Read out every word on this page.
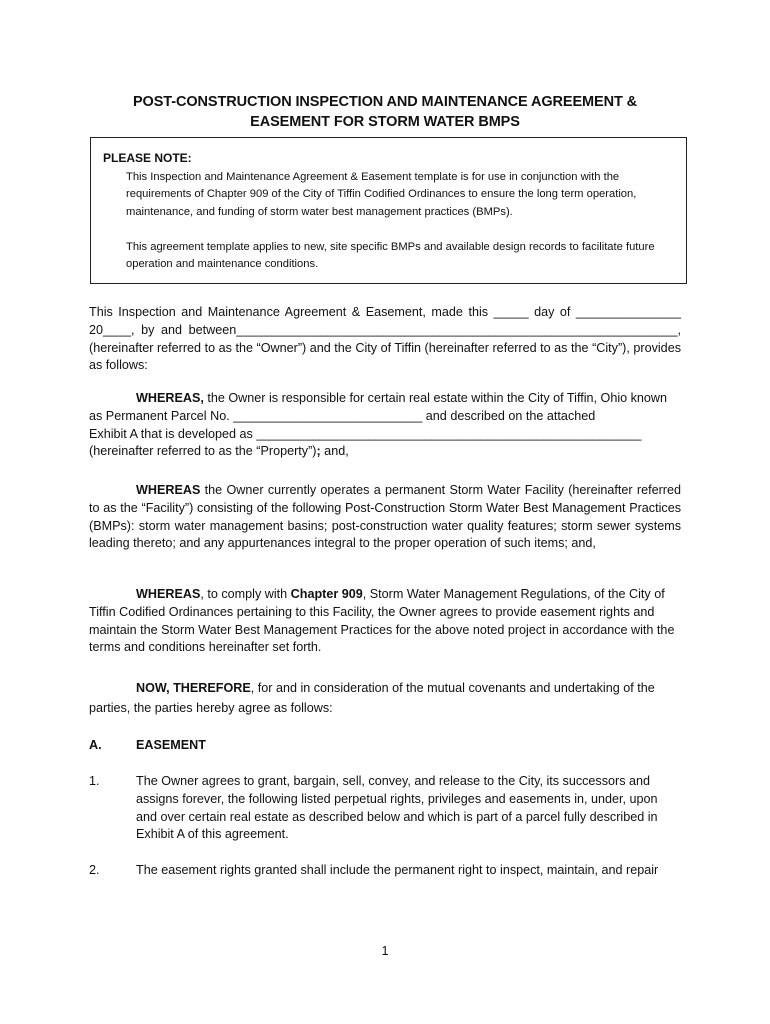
POST-CONSTRUCTION INSPECTION AND MAINTENANCE AGREEMENT &
EASEMENT FOR STORM WATER BMPS
PLEASE NOTE:
This Inspection and Maintenance Agreement & Easement template is for use in conjunction with the requirements of Chapter 909 of the City of Tiffin Codified Ordinances to ensure the long term operation, maintenance, and funding of storm water best management practices (BMPs).
This agreement template applies to new, site specific BMPs and available design records to facilitate future operation and maintenance conditions.
This Inspection and Maintenance Agreement & Easement, made this _____ day of _______________
20____, by and between_______________________________________________________________,
(hereinafter referred to as the “Owner”) and the City of Tiffin (hereinafter referred to as the “City”), provides as follows:
WHEREAS, the Owner is responsible for certain real estate within the City of Tiffin, Ohio known
as Permanent Parcel No. ___________________________ and described on the attached
Exhibit A that is developed as _______________________________________________________
(hereinafter referred to as the “Property”); and,
WHEREAS the Owner currently operates a permanent Storm Water Facility (hereinafter referred to as the “Facility”) consisting of the following Post-Construction Storm Water Best Management Practices (BMPs): storm water management basins; post-construction water quality features; storm sewer systems leading thereto; and any appurtenances integral to the proper operation of such items; and,
WHEREAS, to comply with Chapter 909, Storm Water Management Regulations, of the City of Tiffin Codified Ordinances pertaining to this Facility, the Owner agrees to provide easement rights and maintain the Storm Water Best Management Practices for the above noted project in accordance with the terms and conditions hereinafter set forth.
NOW, THEREFORE, for and in consideration of the mutual covenants and undertaking of the parties, the parties hereby agree as follows:
A.	EASEMENT
1.	The Owner agrees to grant, bargain, sell, convey, and release to the City, its successors and assigns forever, the following listed perpetual rights, privileges and easements in, under, upon and over certain real estate as described below and which is part of a parcel fully described in Exhibit A of this agreement.
2.	The easement rights granted shall include the permanent right to inspect, maintain, and repair
1
